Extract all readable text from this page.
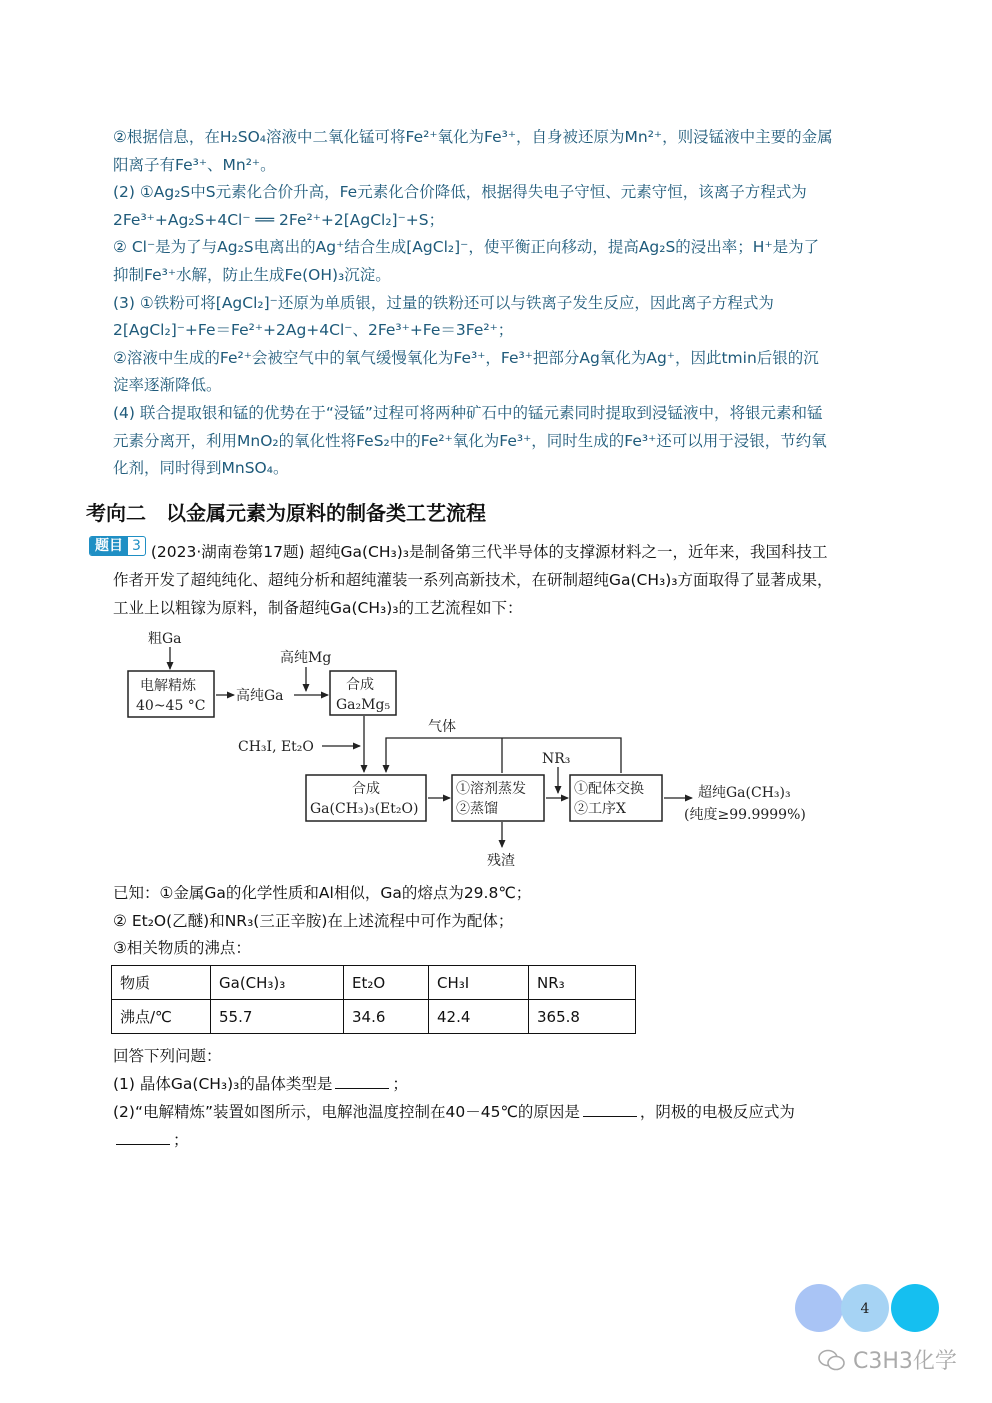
②根据信息，在H₂SO₄溶液中二氧化锰可将Fe²⁺氧化为Fe³⁺，自身被还原为Mn²⁺，则浸锰液中主要的金属

阳离子有Fe³⁺、Mn²⁺。

(2) ①Ag₂S中S元素化合价升高，Fe元素化合价降低，根据得失电子守恒、元素守恒，该离子方程式为

2Fe³⁺+Ag₂S+4Cl⁻ ══ 2Fe²⁺+2[AgCl₂]⁻+S；

② Cl⁻是为了与Ag₂S电离出的Ag⁺结合生成[AgCl₂]⁻，使平衡正向移动，提高Ag₂S的浸出率；H⁺是为了

抑制Fe³⁺水解，防止生成Fe(OH)₃沉淀。

(3) ①铁粉可将[AgCl₂]⁻还原为单质银，过量的铁粉还可以与铁离子发生反应，因此离子方程式为

2[AgCl₂]⁻+Fe＝Fe²⁺+2Ag+4Cl⁻、2Fe³⁺+Fe＝3Fe²⁺；

②溶液中生成的Fe²⁺会被空气中的氧气缓慢氧化为Fe³⁺，Fe³⁺把部分Ag氧化为Ag⁺，因此tmin后银的沉

淀率逐渐降低。

(4) 联合提取银和锰的优势在于“浸锰”过程可将两种矿石中的锰元素同时提取到浸锰液中，将银元素和锰

元素分离开，利用MnO₂的氧化性将FeS₂中的Fe²⁺氧化为Fe³⁺，同时生成的Fe³⁺还可以用于浸银，节约氧

化剂，同时得到MnSO₄。

考向二　以金属元素为原料的制备类工艺流程
题目 3 (2023·湖南卷第17题) 超纯Ga(CH₃)₃是制备第三代半导体的支撑源材料之一，近年来，我国科技工
作者开发了超纯纯化、超纯分析和超纯灌装一系列高新技术，在研制超纯Ga(CH₃)₃方面取得了显著成果，
工业上以粗镓为原料，制备超纯Ga(CH₃)₃的工艺流程如下：
粗Ga
电解精炼
40~45 °C
高纯Ga
高纯Mg
合成
Ga₂Mg₅
气体
CH₃I, Et₂O
合成
Ga(CH₃)₃(Et₂O)
①溶剂蒸发
②蒸馏
残渣
NR₃
①配体交换
②工序X
超纯Ga(CH₃)₃
(纯度≥99.9999%)

已知：①金属Ga的化学性质和Al相似，Ga的熔点为29.8℃；

② Et₂O(乙醚)和NR₃(三正辛胺)在上述流程中可作为配体；

③相关物质的沸点：

物质	Ga(CH₃)₃	Et₂O	CH₃I	NR₃
沸点/℃	55.7	34.6	42.4	365.8

回答下列问题：

(1) 晶体Ga(CH₃)₃的晶体类型是	；

(2)“电解精炼”装置如图所示，电解池温度控制在40－45℃的原因是	，阴极的电极反应式为

；

4
C3H3化学
